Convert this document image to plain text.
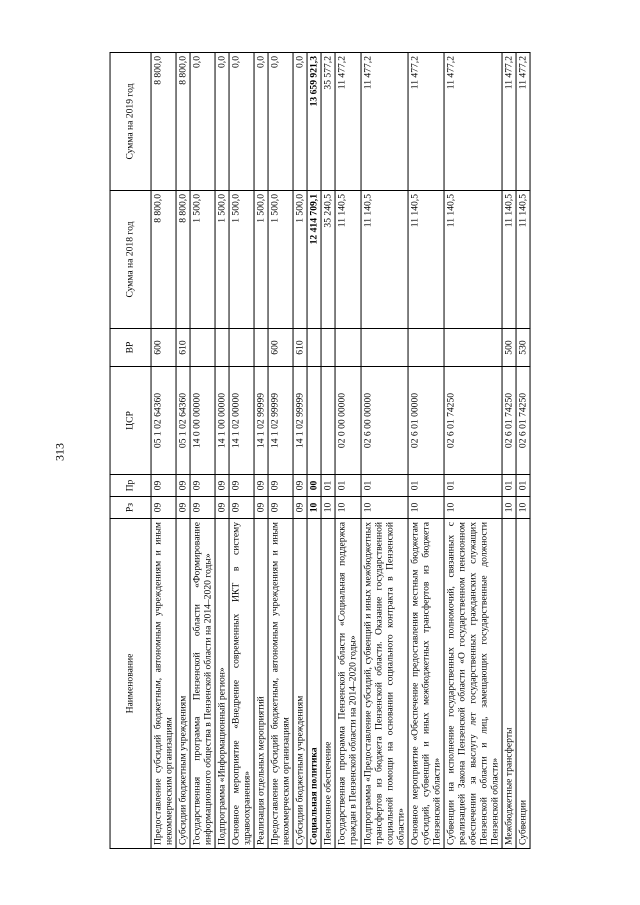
313
Наименование	Рз	Пр	ЦСР	ВР	Сумма на 2018 год	Сумма на 2019 год
Предоставление субсидий бюджетным, автономным учреждениям и иным некоммерческим организациям	09	09	05 1 02 64360	600	8 800,0	8 800,0
Субсидии бюджетным учреждениям	09	09	05 1 02 64360	610	8 800,0	8 800,0
Государственная программа Пензенской области «Формирование информационного общества в Пензенской области на 2014–2020 годы»	09	09	14 0 00 00000		1 500,0	0,0
Подпрограмма «Информационный регион»	09	09	14 1 00 00000		1 500,0	0,0
Основное мероприятие «Внедрение современных ИКТ в систему здравоохранения»	09	09	14 1 02 00000		1 500,0	0,0
Реализация отдельных мероприятий	09	09	14 1 02 99999		1 500,0	0,0
Предоставление субсидий бюджетным, автономным учреждениям и иным некоммерческим организациям	09	09	14 1 02 99999	600	1 500,0	0,0
Субсидии бюджетным учреждениям	09	09	14 1 02 99999	610	1 500,0	0,0
Социальная политика	10	00			12 414 709,1	13 659 921,3
Пенсионное обеспечение	10	01			35 240,5	35 577,2
Государственная программа Пензенской области «Социальная поддержка граждан в Пензенской области на 2014–2020 годы»	10	01	02 0 00 00000		11 140,5	11 477,2
Подпрограмма «Предоставление субсидий, субвенций и иных межбюджетных трансфертов из бюджета Пензенской области. Оказание государственной социальной помощи на основании социального контракта в Пензенской области»	10	01	02 6 00 00000		11 140,5	11 477,2
Основное мероприятие «Обеспечение предоставления местным бюджетам субсидий, субвенций и иных межбюджетных трансфертов из бюджета Пензенской области»	10	01	02 6 01 00000		11 140,5	11 477,2
Субвенции на исполнение государственных полномочий, связанных с реализацией Закона Пензенской области «О государственном пенсионном обеспечении за выслугу лет государственных гражданских служащих Пензенской области и лиц, замещающих государственные должности Пензенской области»	10	01	02 6 01 74250		11 140,5	11 477,2
Межбюджетные трансферты	10	01	02 6 01 74250	500	11 140,5	11 477,2
Субвенции	10	01	02 6 01 74250	530	11 140,5	11 477,2
